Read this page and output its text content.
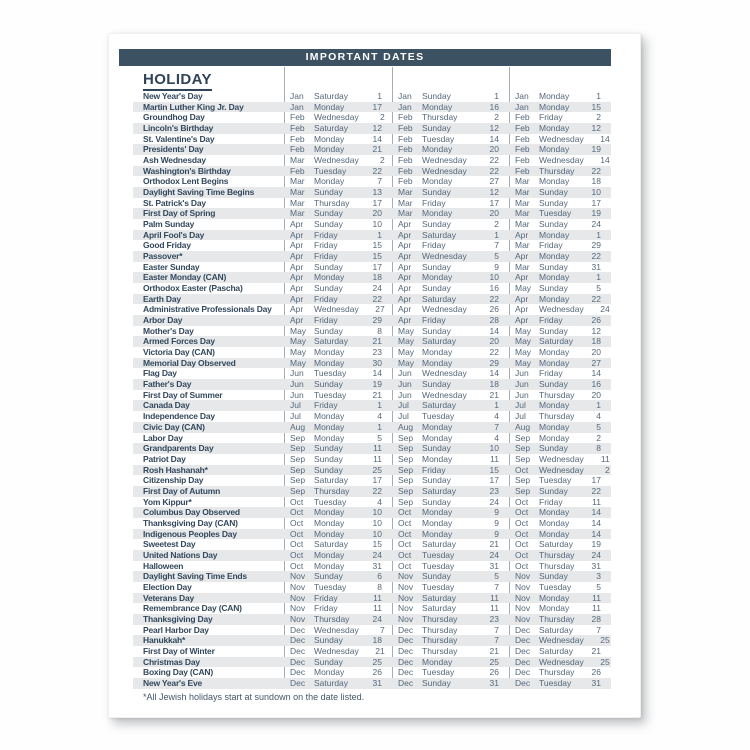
IMPORTANT DATES
HOLIDAY
New Year's Day	Jan	Saturday	1 Jan	Sunday	1 Jan	Monday	1
Martin Luther King Jr. Day	Jan	Monday	17 Jan	Monday	16 Jan	Monday	15
Groundhog Day	Feb	Wednesday	2 Feb	Thursday	2 Feb	Friday	2
Lincoln's Birthday	Feb	Saturday	12 Feb	Sunday	12 Feb	Monday	12
St. Valentine's Day	Feb	Monday	14 Feb	Tuesday	14 Feb	Wednesday	14
Presidents' Day	Feb	Monday	21 Feb	Monday	20 Feb	Monday	19
Ash Wednesday	Mar	Wednesday	2 Feb	Wednesday	22 Feb	Wednesday	14
Washington's Birthday	Feb	Tuesday	22 Feb	Wednesday	22 Feb	Thursday	22
Orthodox Lent Begins	Mar	Monday	7 Feb	Monday	27 Mar	Monday	18
Daylight Saving Time Begins	Mar	Sunday	13 Mar	Sunday	12 Mar	Sunday	10
St. Patrick's Day	Mar	Thursday	17 Mar	Friday	17 Mar	Sunday	17
First Day of Spring	Mar	Sunday	20 Mar	Monday	20 Mar	Tuesday	19
Palm Sunday	Apr	Sunday	10 Apr	Sunday	2 Mar	Sunday	24
April Fool's Day	Apr	Friday	1 Apr	Saturday	1 Apr	Monday	1
Good Friday	Apr	Friday	15 Apr	Friday	7 Mar	Friday	29
Passover*	Apr	Friday	15 Apr	Wednesday	5 Apr	Monday	22
Easter Sunday	Apr	Sunday	17 Apr	Sunday	9 Mar	Sunday	31
Easter Monday (CAN)	Apr	Monday	18 Apr	Monday	10 Apr	Monday	1
Orthodox Easter (Pascha)	Apr	Sunday	24 Apr	Sunday	16 May Sunday	5
Earth Day	Apr	Friday	22 Apr	Saturday	22 Apr	Monday	22
Administrative Professionals Day	Apr	Wednesday	27 Apr	Wednesday	26 Apr	Wednesday	24
Arbor Day	Apr	Friday	29 Apr	Friday	28 Apr	Friday	26
Mother's Day	May Sunday	8 May Sunday	14 May Sunday	12
Armed Forces Day	May Saturday	21 May Saturday	20 May Saturday	18
Victoria Day (CAN)	May Monday	23 May Monday	22 May Monday	20
Memorial Day Observed	May Monday	30 May Monday	29 May Monday	27
Flag Day	Jun	Tuesday	14 Jun	Wednesday	14 Jun	Friday	14
Father's Day	Jun	Sunday	19 Jun	Sunday	18 Jun	Sunday	16
First Day of Summer	Jun	Tuesday	21 Jun	Wednesday	21 Jun	Thursday	20
Canada Day	Jul	Friday	1 Jul	Saturday	1 Jul	Monday	1
Independence Day	Jul	Monday	4 Jul	Tuesday	4 Jul	Thursday	4
Civic Day (CAN)	Aug	Monday	1 Aug	Monday	7 Aug	Monday	5
Labor Day	Sep	Monday	5 Sep	Monday	4 Sep	Monday	2
Grandparents Day	Sep	Sunday	11 Sep	Sunday	10 Sep	Sunday	8
Patriot Day	Sep	Sunday	11 Sep	Monday	11 Sep	Wednesday	11
Rosh Hashanah*	Sep	Sunday	25 Sep	Friday	15 Oct	Wednesday	2
Citizenship Day	Sep	Saturday	17 Sep	Sunday	17 Sep	Tuesday	17
First Day of Autumn	Sep	Thursday	22 Sep	Saturday	23 Sep	Sunday	22
Yom Kippur*	Oct	Tuesday	4 Sep	Sunday	24 Oct	Friday	11
Columbus Day Observed	Oct	Monday	10 Oct	Monday	9 Oct	Monday	14
Thanksgiving Day (CAN)	Oct	Monday	10 Oct	Monday	9 Oct	Monday	14
Indigenous Peoples Day	Oct	Monday	10 Oct	Monday	9 Oct	Monday	14
Sweetest Day	Oct	Saturday	15 Oct	Saturday	21 Oct	Saturday	19
United Nations Day	Oct	Monday	24 Oct	Tuesday	24 Oct	Thursday	24
Halloween	Oct	Monday	31 Oct	Tuesday	31 Oct	Thursday	31
Daylight Saving Time Ends	Nov	Sunday	6 Nov	Sunday	5 Nov	Sunday	3
Election Day	Nov	Tuesday	8 Nov	Tuesday	7 Nov	Tuesday	5
Veterans Day	Nov	Friday	11 Nov	Saturday	11 Nov	Monday	11
Remembrance Day (CAN)	Nov	Friday	11 Nov	Saturday	11 Nov	Monday	11
Thanksgiving Day	Nov	Thursday	24 Nov	Thursday	23 Nov	Thursday	28
Pearl Harbor Day	Dec	Wednesday	7 Dec	Thursday	7 Dec	Saturday	7
Hanukkah*	Dec	Sunday	18 Dec	Thursday	7 Dec	Wednesday	25
First Day of Winter	Dec	Wednesday	21 Dec	Thursday	21 Dec	Saturday	21
Christmas Day	Dec	Sunday	25 Dec	Monday	25 Dec	Wednesday	25
Boxing Day (CAN)	Dec	Monday	26 Dec	Tuesday	26 Dec	Thursday	26
New Year's Eve	Dec	Saturday	31 Dec	Sunday	31 Dec	Tuesday	31
*All Jewish holidays start at sundown on the date listed.
